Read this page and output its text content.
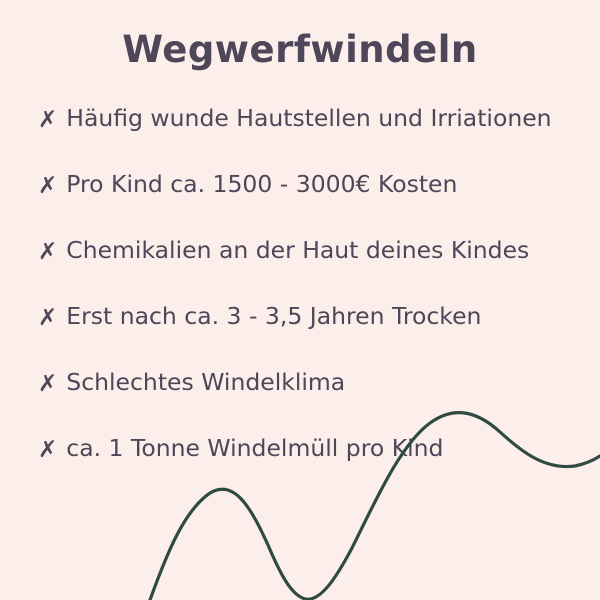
Wegwerfwindeln
✗ Häufig wunde Hautstellen und Irriationen
✗ Pro Kind ca. 1500 - 3000€ Kosten
✗ Chemikalien an der Haut deines Kindes
✗ Erst nach ca. 3 - 3,5 Jahren Trocken
✗ Schlechtes Windelklima
✗ ca. 1 Tonne Windelmüll pro Kind
